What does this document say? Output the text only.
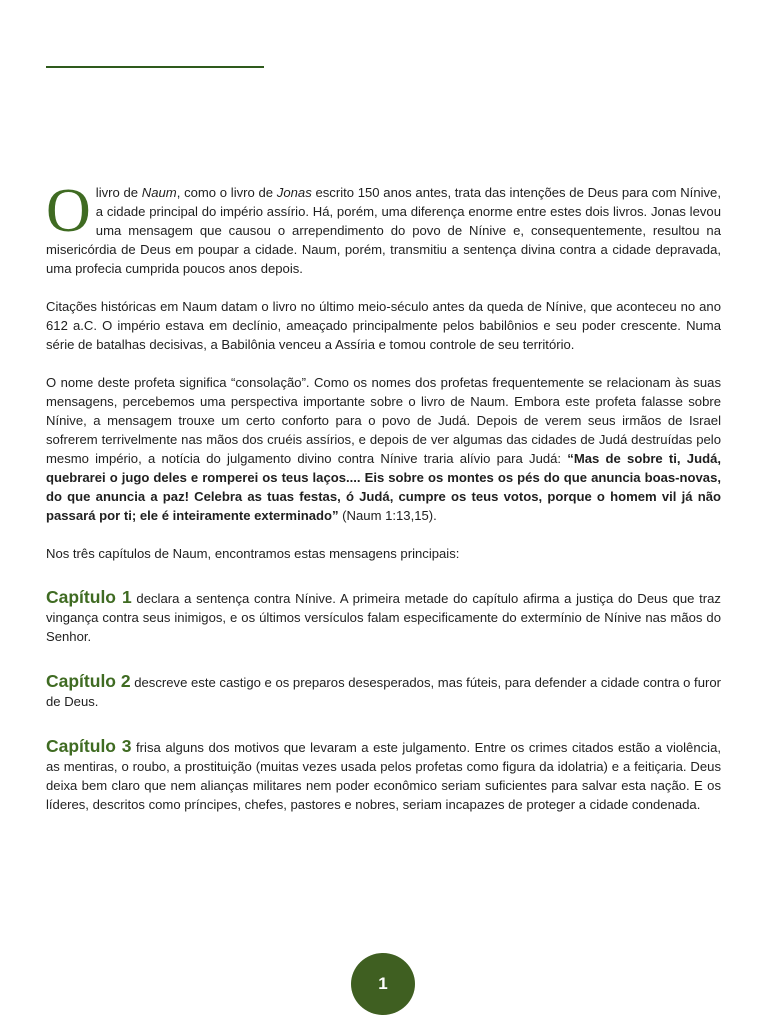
O livro de Naum, como o livro de Jonas escrito 150 anos antes, trata das intenções de Deus para com Nínive, a cidade principal do império assírio. Há, porém, uma diferença enorme entre estes dois livros. Jonas levou uma mensagem que causou o arrependimento do povo de Nínive e, consequentemente, resultou na misericórdia de Deus em poupar a cidade. Naum, porém, transmitiu a sentença divina contra a cidade depravada, uma profecia cumprida poucos anos depois.

Citações históricas em Naum datam o livro no último meio-século antes da queda de Nínive, que aconteceu no ano 612 a.C. O império estava em declínio, ameaçado principalmente pelos babilônios e seu poder crescente. Numa série de batalhas decisivas, a Babilônia venceu a Assíria e tomou controle de seu território.

O nome deste profeta significa “consolação”. Como os nomes dos profetas frequentemente se relacionam às suas mensagens, percebemos uma perspectiva importante sobre o livro de Naum. Embora este profeta falasse sobre Nínive, a mensagem trouxe um certo conforto para o povo de Judá. Depois de verem seus irmãos de Israel sofrerem terrivelmente nas mãos dos cruéis assírios, e depois de ver algumas das cidades de Judá destruídas pelo mesmo império, a notícia do julgamento divino contra Nínive traria alívio para Judá: “Mas de sobre ti, Judá, quebrarei o jugo deles e romperei os teus laços.... Eis sobre os montes os pés do que anuncia boas-novas, do que anuncia a paz! Celebra as tuas festas, ó Judá, cumpre os teus votos, porque o homem vil já não passará por ti; ele é inteiramente exterminado” (Naum 1:13,15).

Nos três capítulos de Naum, encontramos estas mensagens principais:

Capítulo 1 declara a sentença contra Nínive. A primeira metade do capítulo afirma a justiça do Deus que traz vingança contra seus inimigos, e os últimos versículos falam especificamente do extermínio de Nínive nas mãos do Senhor.

Capítulo 2 descreve este castigo e os preparos desesperados, mas fúteis, para defender a cidade contra o furor de Deus.

Capítulo 3 frisa alguns dos motivos que levaram a este julgamento. Entre os crimes citados estão a violência, as mentiras, o roubo, a prostituição (muitas vezes usada pelos profetas como figura da idolatria) e a feitiçaria. Deus deixa bem claro que nem alianças militares nem poder econômico seriam suficientes para salvar esta nação. E os líderes, descritos como príncipes, chefes, pastores e nobres, seriam incapazes de proteger a cidade condenada.

1
